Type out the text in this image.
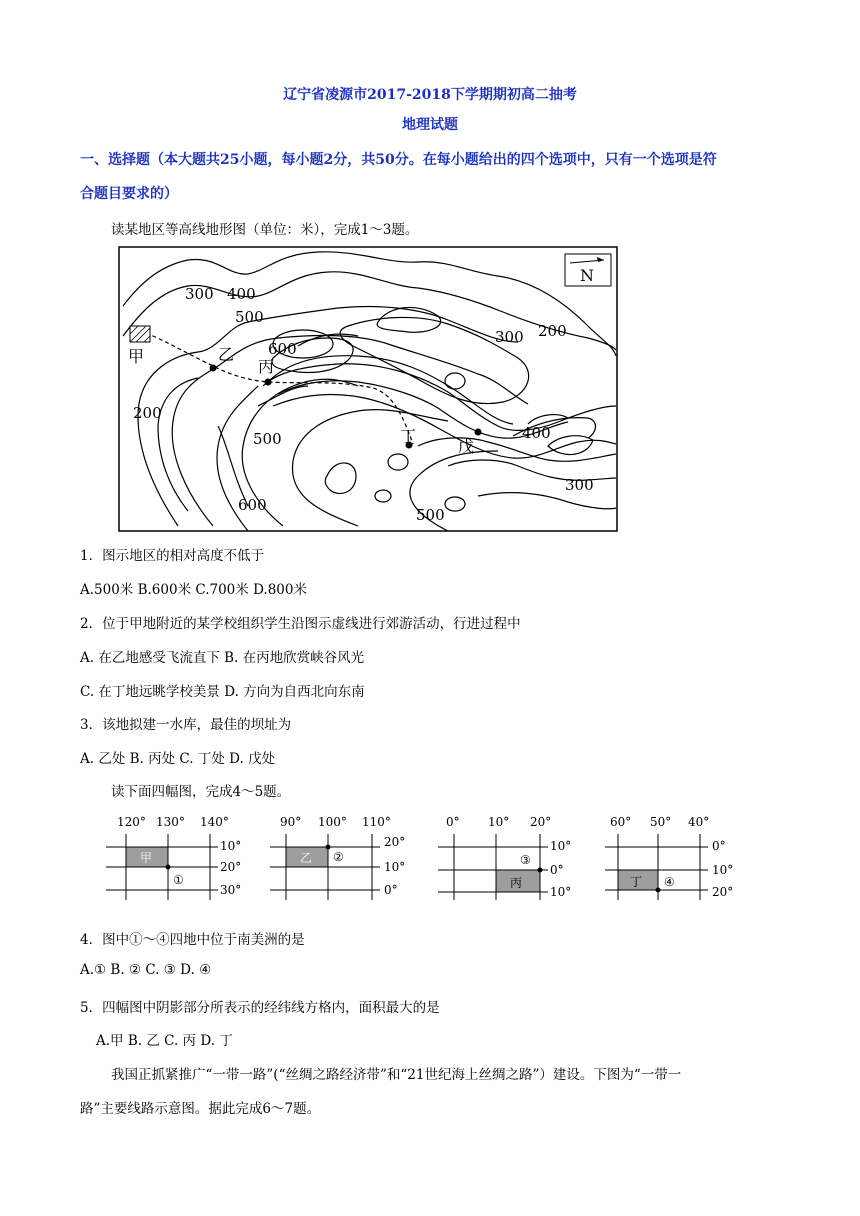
辽宁省凌源市2017-2018下学期期初高二抽考
地理试题
一、选择题（本大题共25小题，每小题2分，共50分。在每小题给出的四个选项中，只有一个选项是符
合题目要求的）
读某地区等高线地形图（单位：米），完成1～3题。
N
300 400
500
600
300 200
200
500	400
300
600
500
甲	乙
丙
丁
戊
1．图示地区的相对高度不低于
A.500米 B.600米 C.700米 D.800米
2．位于甲地附近的某学校组织学生沿图示虚线进行郊游活动，行进过程中
A. 在乙地感受飞流直下 B. 在丙地欣赏峡谷风光
C. 在丁地远眺学校美景 D. 方向为自西北向东南
3．该地拟建一水库，最佳的坝址为
A. 乙处 B. 丙处 C. 丁处 D. 戊处
读下面四幅图，完成4～5题。
120° 130° 140°
10°
20°
30°
甲
①
90° 100° 110°
20°
10°
0°
乙 ②
0° 10° 20°
10°
0°
10°
丙
③
60° 50° 40°
0°
10°
20°
丁 ④
4．图中①～④四地中位于南美洲的是
A.① B. ② C. ③ D. ④
5．四幅图中阴影部分所表示的经纬线方格内，面积最大的是
A.甲 B. 乙 C. 丙 D. 丁
我国正抓紧推广“一带一路”(“丝绸之路经济带”和“21世纪海上丝绸之路”）建设。下图为“一带一
路”主要线路示意图。据此完成6～7题。
